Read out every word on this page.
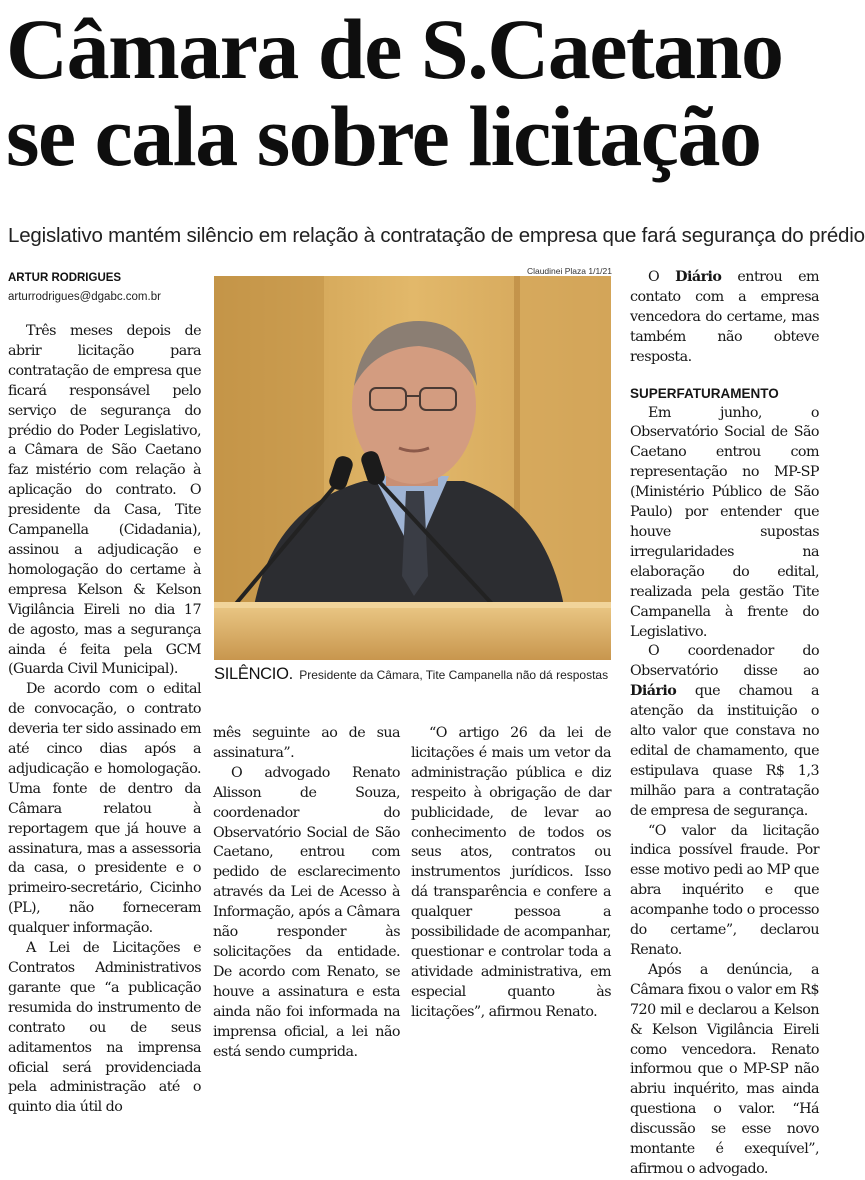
Câmara de S.Caetano
se cala sobre licitação
Legislativo mantém silêncio em relação à contratação de empresa que fará segurança do prédio
ARTUR RODRIGUES
arturrodrigues@dgabc.com.br

Três meses depois de abrir licitação para contratação de empresa que ficará responsável pelo serviço de segurança do prédio do Poder Legislativo, a Câmara de São Caetano faz mistério com relação à aplicação do contrato. O presidente da Casa, Tite Campanella (Cidadania), assinou a adjudicação e homologação do certame à empresa Kelson & Kelson Vigilância Eireli no dia 17 de agosto, mas a segurança ainda é feita pela GCM (Guarda Civil Municipal).

De acordo com o edital de convocação, o contrato deveria ter sido assinado em até cinco dias após a adjudicação e homologação. Uma fonte de dentro da Câmara relatou à reportagem que já houve a assinatura, mas a assessoria da casa, o presidente e o primeiro-secretário, Cicinho (PL), não forneceram qualquer informação.

A Lei de Licitações e Contratos Administrativos garante que “a publicação resumida do instrumento de contrato ou de seus aditamentos na imprensa oficial será providenciada pela administração até o quinto dia útil do

Claudinei Plaza 1/1/21
SILÊNCIO. Presidente da Câmara, Tite Campanella não dá respostas

mês seguinte ao de sua assinatura”.

O advogado Renato Alisson de Souza, coordenador do Observatório Social de São Caetano, entrou com pedido de esclarecimento através da Lei de Acesso à Informação, após a Câmara não responder às solicitações da entidade. De acordo com Renato, se houve a assinatura e esta ainda não foi informada na imprensa oficial, a lei não está sendo cumprida.

“O artigo 26 da lei de licitações é mais um vetor da administração pública e diz respeito à obrigação de dar publicidade, de levar ao conhecimento de todos os seus atos, contratos ou instrumentos jurídicos. Isso dá transparência e confere a qualquer pessoa a possibilidade de acompanhar, questionar e controlar toda a atividade administrativa, em especial quanto às licitações”, afirmou Renato.

O Diário entrou em contato com a empresa vencedora do certame, mas também não obteve resposta.

SUPERFATURAMENTO

Em junho, o Observatório Social de São Caetano entrou com representação no MP-SP (Ministério Público de São Paulo) por entender que houve supostas irregularidades na elaboração do edital, realizada pela gestão Tite Campanella à frente do Legislativo.

O coordenador do Observatório disse ao Diário que chamou a atenção da instituição o alto valor que constava no edital de chamamento, que estipulava quase R$ 1,3 milhão para a contratação de empresa de segurança.

“O valor da licitação indica possível fraude. Por esse motivo pedi ao MP que abra inquérito e que acompanhe todo o processo do certame”, declarou Renato.

Após a denúncia, a Câmara fixou o valor em R$ 720 mil e declarou a Kelson & Kelson Vigilância Eireli como vencedora. Renato informou que o MP-SP não abriu inquérito, mas ainda questiona o valor. “Há discussão se esse novo montante é exequível”, afirmou o advogado.
